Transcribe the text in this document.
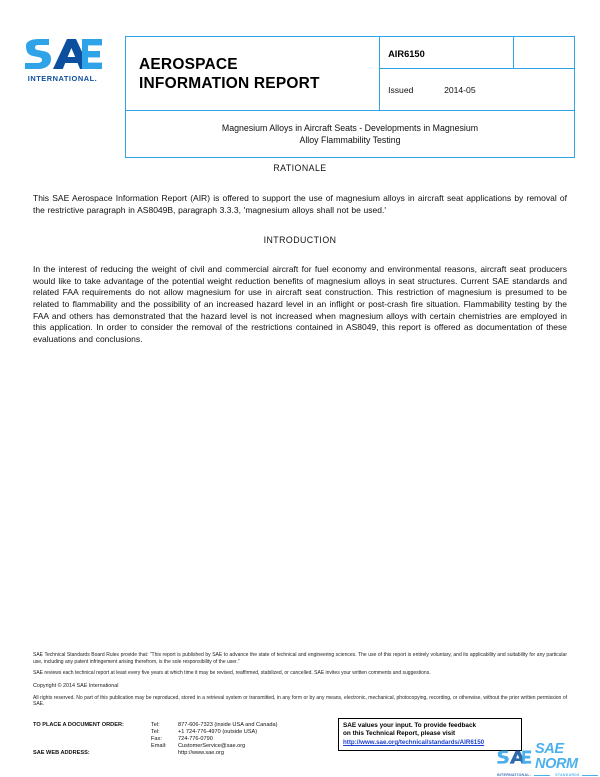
INTERNATIONAL.
AEROSPACE
INFORMATION REPORT
	AIR6150	

Issued	2014-05

Magnesium Alloys in Aircraft Seats - Developments in Magnesium
Alloy Flammability Testing
RATIONALE

This SAE Aerospace Information Report (AIR) is offered to support the use of magnesium alloys in aircraft seat applications by removal of the restrictive paragraph in AS8049B, paragraph 3.3.3, 'magnesium alloys shall not be used.'

INTRODUCTION

In the interest of reducing the weight of civil and commercial aircraft for fuel economy and environmental reasons, aircraft seat producers would like to take advantage of the potential weight reduction benefits of magnesium alloys in seat structures. Current SAE standards and related FAA requirements do not allow magnesium for use in aircraft seat construction. This restriction of magnesium is presumed to be related to flammability and the possibility of an increased hazard level in an inflight or post-crash fire situation. Flammability testing by the FAA and others has demonstrated that the hazard level is not increased when magnesium alloys with certain chemistries are employed in this application. In order to consider the removal of the restrictions contained in AS8049, this report is offered as documentation of these evaluations and conclusions.

SAE Technical Standards Board Rules provide that: “This report is published by SAE to advance the state of technical and engineering sciences. The use of this report is entirely voluntary, and its applicability and suitability for any particular use, including any patent infringement arising therefrom, is the sole responsibility of the user.”

SAE reviews each technical report at least every five years at which time it may be revised, reaffirmed, stabilized, or cancelled. SAE invites your written comments and suggestions.

Copyright © 2014 SAE International

All rights reserved. No part of this publication may be reproduced, stored in a retrieval system or transmitted, in any form or by any means, electronic, mechanical, photocopying, recording, or otherwise, without the prior written permission of SAE.

TO PLACE A DOCUMENT ORDER:	Tel:	877-606-7323 (inside USA and Canada)
	Tel:	+1 724-776-4970 (outside USA)
	Fax:	724-776-0790
	Email:	CustomerService@sae.org
SAE WEB ADDRESS:		http://www.sae.org
SAE values your input. To provide feedback
on this Technical Report, please visit
http://www.sae.org/technical/standards/AIR6150	SAE NORM
INTERNATIONAL.	STANDARDS
